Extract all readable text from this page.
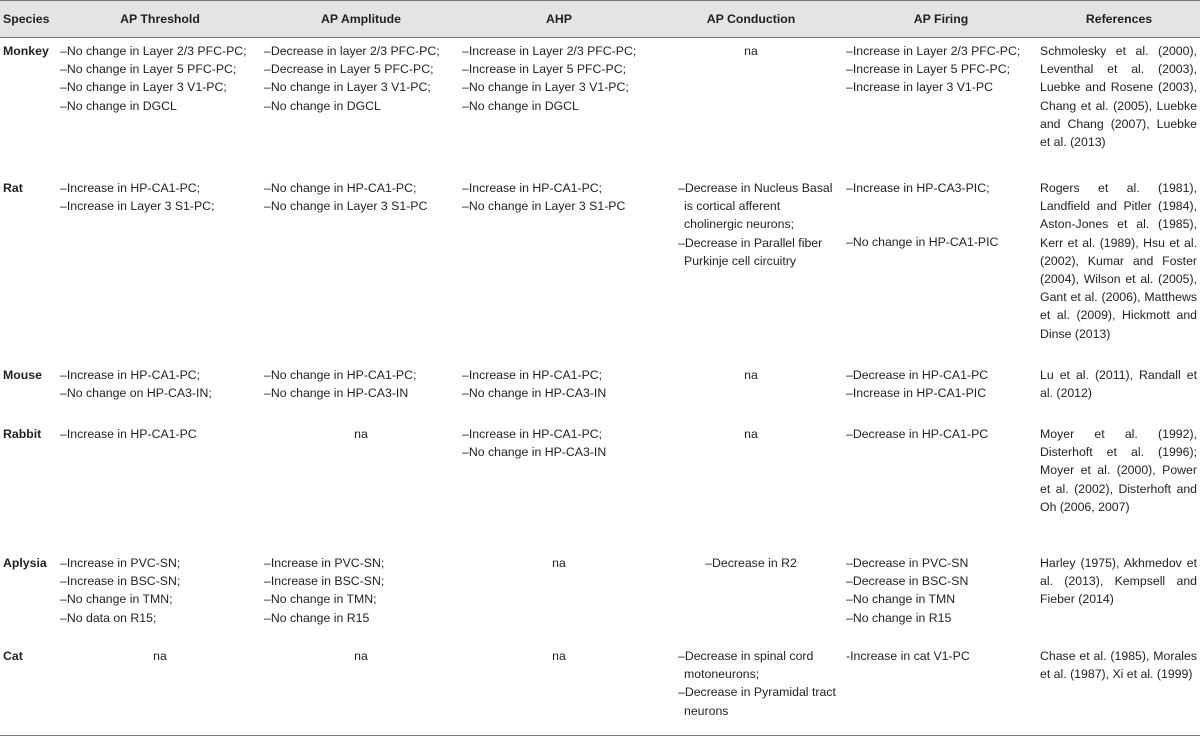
Species	AP Threshold	AP Amplitude	AHP	AP Conduction	AP Firing	References
Monkey	–No change in Layer 2/3 PFC-PC;
–No change in Layer 5 PFC-PC;
–No change in Layer 3 V1-PC;
–No change in DGCL	–Decrease in layer 2/3 PFC-PC;
–Decrease in Layer 5 PFC-PC;
–No change in Layer 3 V1-PC;
–No change in DGCL	–Increase in Layer 2/3 PFC-PC;
–Increase in Layer 5 PFC-PC;
–No change in Layer 3 V1-PC;
–No change in DGCL	na	–Increase in Layer 2/3 PFC-PC;
–Increase in Layer 5 PFC-PC;
–Increase in layer 3 V1-PC	Schmolesky et al. (2000), Leventhal et al. (2003), Luebke and Rosene (2003), Chang et al. (2005), Luebke and Chang (2007), Luebke et al. (2013)
Rat	–Increase in HP-CA1-PC;
–Increase in Layer 3 S1-PC;	–No change in HP-CA1-PC;
–No change in Layer 3 S1-PC	–Increase in HP-CA1-PC;
–No change in Layer 3 S1-PC	–Decrease in Nucleus Basal is cortical afferent cholinergic neurons;
–Decrease in Parallel fiber Purkinje cell circuitry	–Increase in HP-CA3-PIC;
–No change in HP-CA1-PIC	Rogers et al. (1981), Landfield and Pitler (1984), Aston-Jones et al. (1985), Kerr et al. (1989), Hsu et al. (2002), Kumar and Foster (2004), Wilson et al. (2005), Gant et al. (2006), Matthews et al. (2009), Hickmott and Dinse (2013)
Mouse	–Increase in HP-CA1-PC;
–No change on HP-CA3-IN;	–No change in HP-CA1-PC;
–No change in HP-CA3-IN	–Increase in HP-CA1-PC;
–No change in HP-CA3-IN	na	–Decrease in HP-CA1-PC
–Increase in HP-CA1-PIC	Lu et al. (2011), Randall et al. (2012)
Rabbit	–Increase in HP-CA1-PC	na	–Increase in HP-CA1-PC;
–No change in HP-CA3-IN	na	–Decrease in HP-CA1-PC	Moyer et al. (1992), Disterhoft et al. (1996); Moyer et al. (2000), Power et al. (2002), Disterhoft and Oh (2006, 2007)
Aplysia	–Increase in PVC-SN;
–Increase in BSC-SN;
–No change in TMN;
–No data on R15;	–Increase in PVC-SN;
–Increase in BSC-SN;
–No change in TMN;
–No change in R15	na	–Decrease in R2	–Decrease in PVC-SN
–Decrease in BSC-SN
–No change in TMN
–No change in R15	Harley (1975), Akhmedov et al. (2013), Kempsell and Fieber (2014)
Cat	na	na	na	–Decrease in spinal cord motoneurons;
–Decrease in Pyramidal tract neurons	-Increase in cat V1-PC	Chase et al. (1985), Morales et al. (1987), Xi et al. (1999)
